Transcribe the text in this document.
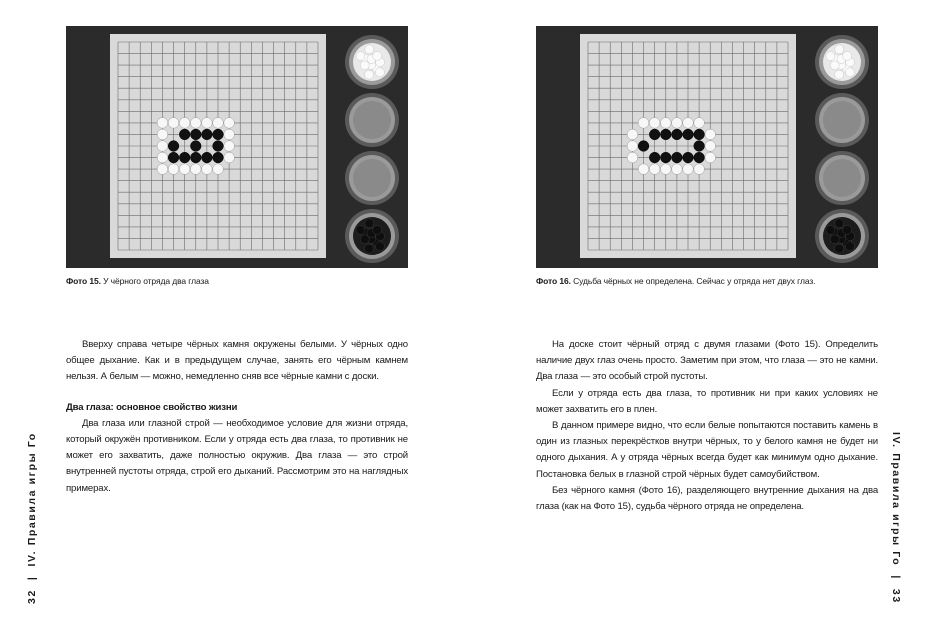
Фото 15. У чёрного отряда два глаза

Вверху справа четыре чёрных камня окружены белыми. У чёрных одно общее дыхание. Как и в предыдущем случае, занять его чёрным камнем нельзя. А белым — можно, немедленно сняв все чёрные камни с доски.

Два глаза: основное свойство жизни

Два глаза или глазной строй — необходимое условие для жизни отряда, который окружён противником. Если у отряда есть два глаза, то противник не может его захватить, даже полностью окружив. Два глаза — это строй внутренней пустоты отряда, строй его дыханий. Рассмотрим это на наглядных примерах.

32  |  IV. Правила игры Го
Фото 16. Судьба чёрных не определена. Сейчас у отряда нет двух глаз.

На доске стоит чёрный отряд с двумя глазами (Фото 15). Определить наличие двух глаз очень просто. Заметим при этом, что глаза — это не камни. Два глаза — это особый строй пустоты.

Если у отряда есть два глаза, то противник ни при каких условиях не может захватить его в плен.

В данном примере видно, что если белые попытаются поставить камень в один из глазных перекрёстков внутри чёрных, то у белого камня не будет ни одного дыхания. А у отряда чёрных всегда будет как минимум одно дыхание. Постановка белых в глазной строй чёрных будет самоубийством.

Без чёрного камня (Фото 16), разделяющего внутренние дыхания на два глаза (как на Фото 15), судьба чёрного отряда не определена.	IV. Правила игры Го  |  33
